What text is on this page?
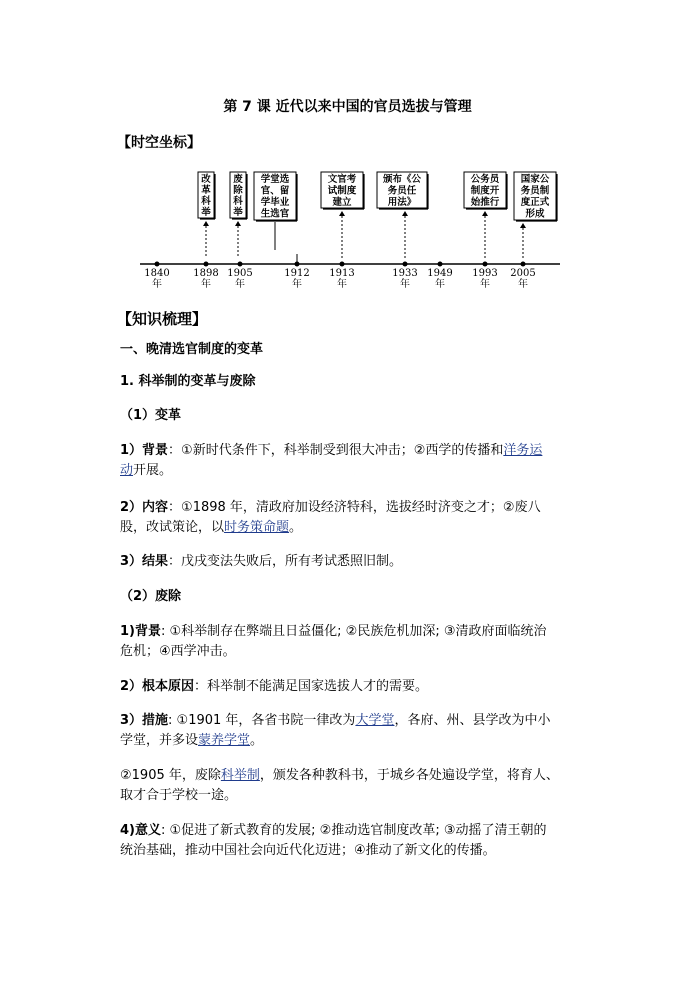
第 7 课 近代以来中国的官员选拔与管理
【时空坐标】
1840
年
1898
年
1905
年
1912
年
1913
年
1933
年
1949
年
1993
年
2005
年
改
革
科
举
废
除
科
举
学堂选
官、留
学毕业
生选官
文官考
试制度
建立
颁布《公
务员任
用法》
公务员
制度开
始推行
国家公
务员制
度正式
形成
【知识梳理】
一、晚清选官制度的变革
1. 科举制的变革与废除
（1）变革
1）背景：①新时代条件下，科举制受到很大冲击；②西学的传播和洋务运
动开展。
2）内容：①1898 年，清政府加设经济特科，选拔经时济变之才；②废八
股，改试策论，以时务策命题。
3）结果：戊戌变法失败后，所有考试悉照旧制。
（2）废除
1)背景: ①科举制存在弊端且日益僵化; ②民族危机加深; ③清政府面临统治
危机；④西学冲击。
2）根本原因：科举制不能满足国家选拔人才的需要。
3）措施: ①1901 年，各省书院一律改为大学堂，各府、州、县学改为中小
学堂，并多设蒙养学堂。
②1905 年，废除科举制，颁发各种教科书，于城乡各处遍设学堂，将育人、
取才合于学校一途。
4)意义: ①促进了新式教育的发展; ②推动选官制度改革; ③动摇了清王朝的
统治基础，推动中国社会向近代化迈进；④推动了新文化的传播。
